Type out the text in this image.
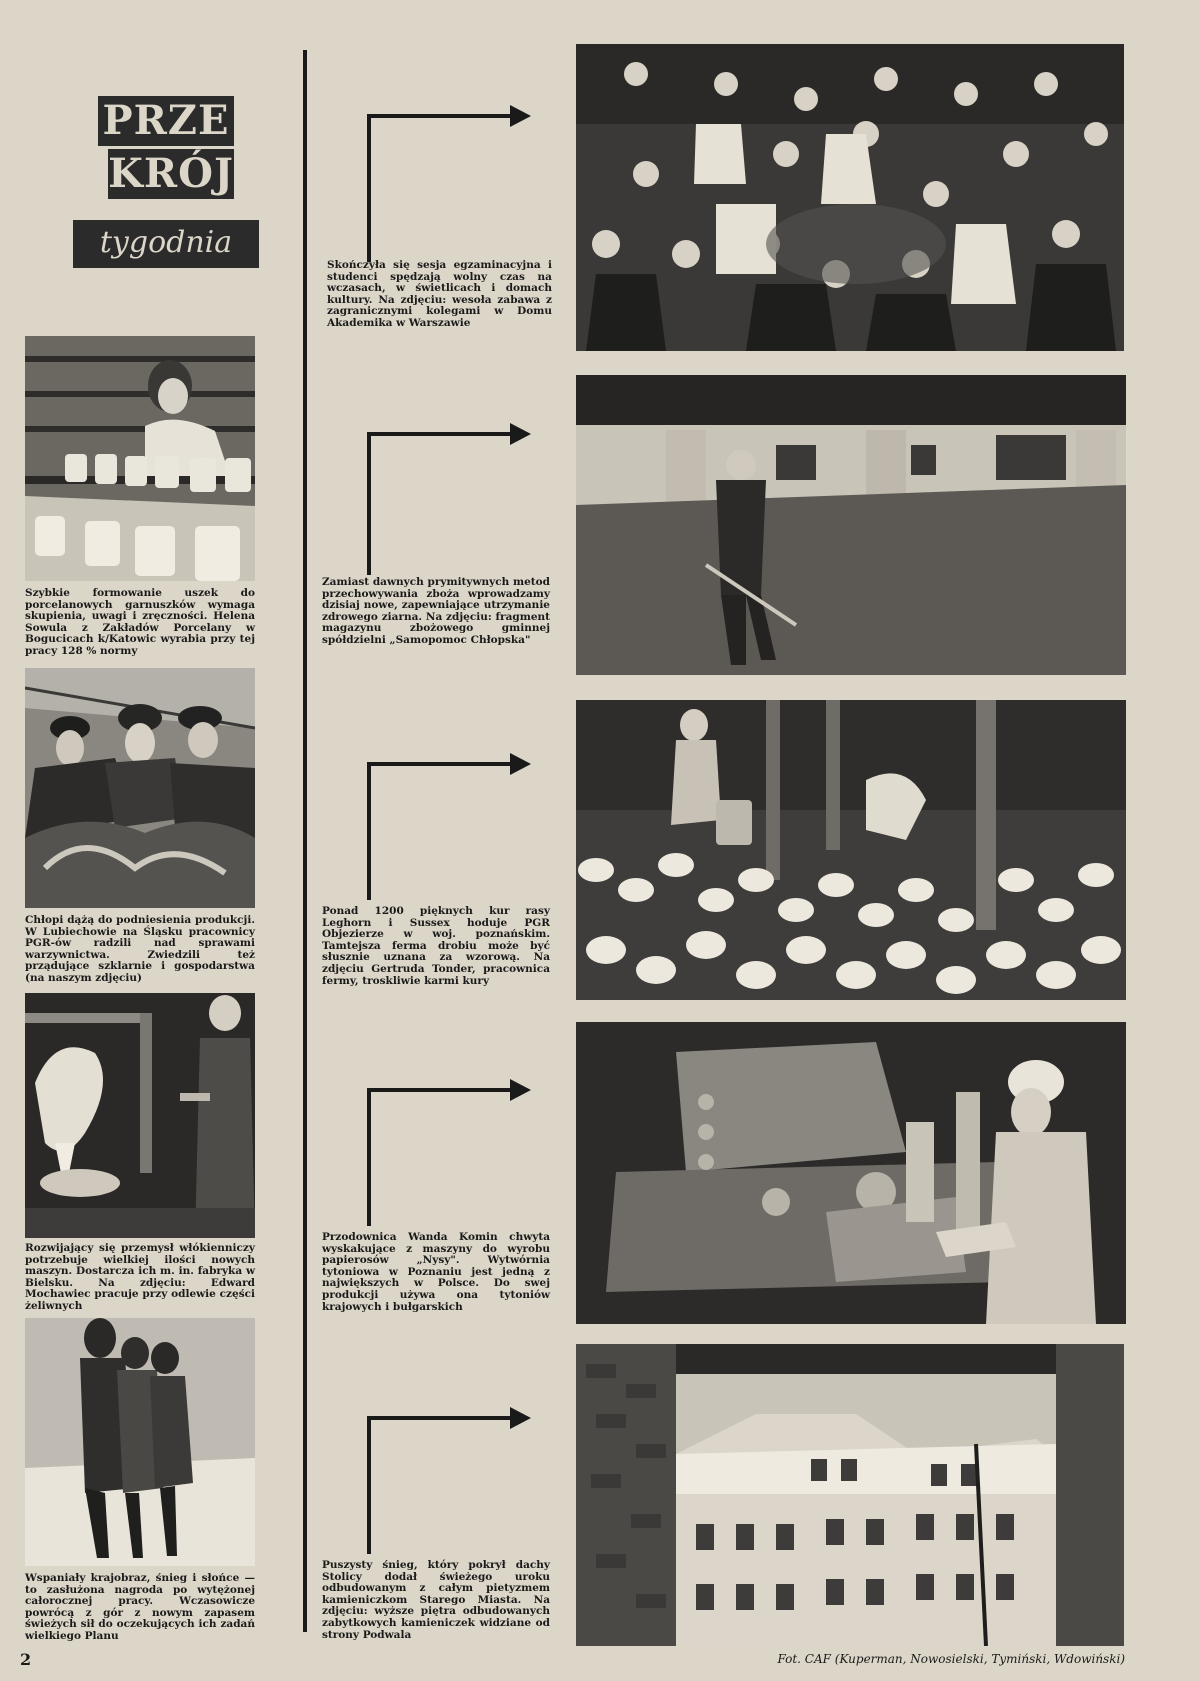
PRZE
KRÓJ
tygodnia
Szybkie formowanie uszek do porcelanowych garnuszków wymaga skupienia, uwagi i zręczności. Helena Sowula z Zakładów Porcelany w Bogucicach k/Katowic wyrabia przy tej pracy 128 % normy
Chłopi dążą do podniesienia produkcji. W Lubiechowie na Śląsku pracownicy PGR-ów radzili nad sprawami warzywnictwa. Zwiedzili też prządujące szklarnie i gospodarstwa (na naszym zdjęciu)
Rozwijający się przemysł włókienniczy potrzebuje wielkiej ilości nowych maszyn. Dostarcza ich m. in. fabryka w Bielsku. Na zdjęciu: Edward Mochawiec pracuje przy odlewie części żeliwnych
Wspaniały krajobraz, śnieg i słońce — to zasłużona nagroda po wytężonej całorocznej pracy. Wczasowicze powrócą z gór z nowym zapasem świeżych sił do oczekujących ich zadań wielkiego Planu
Skończyła się sesja egzaminacyjna i studenci spędzają wolny czas na wczasach, w świetlicach i domach kultury. Na zdjęciu: wesoła zabawa z zagranicznymi kolegami w Domu Akademika w Warszawie
Zamiast dawnych prymitywnych metod przechowywania zboża wprowadzamy dzisiaj nowe, zapewniające utrzymanie zdrowego ziarna. Na zdjęciu: fragment magazynu zbożowego gminnej spółdzielni „Samopomoc Chłopska"
Ponad 1200 pięknych kur rasy Leghorn i Sussex hoduje PGR Objezierze w woj. poznańskim. Tamtejsza ferma drobiu może być słusznie uznana za wzorową. Na zdjęciu Gertruda Tonder, pracownica fermy, troskliwie karmi kury
Przodownica Wanda Komin chwyta wyskakujące z maszyny do wyrobu papierosów „Nysy". Wytwórnia tytoniowa w Poznaniu jest jedną z największych w Polsce. Do swej produkcji używa ona tytoniów krajowych i bułgarskich
Puszysty śnieg, który pokrył dachy Stolicy dodał świeżego uroku odbudowanym z całym pietyzmem kamieniczkom Starego Miasta. Na zdjęciu: wyższe piętra odbudowanych zabytkowych kamieniczek widziane od strony Podwala
2	Fot. CAF (Kuperman, Nowosielski, Tymiński, Wdowiński)
